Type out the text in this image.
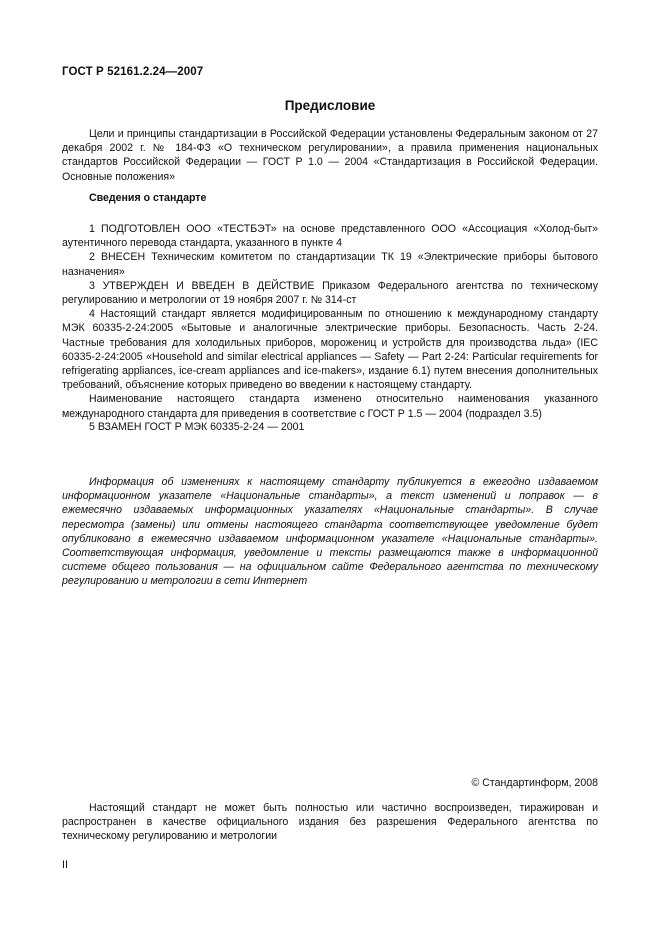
ГОСТ Р 52161.2.24—2007
Предисловие

Цели и принципы стандартизации в Российской Федерации установлены Федеральным законом от 27 декабря 2002 г. № 184-ФЗ «О техническом регулировании», а правила применения национальных стандартов Российской Федерации — ГОСТ Р 1.0 — 2004 «Стандартизация в Российской Федерации. Основные положения»

Сведения о стандарте

1 ПОДГОТОВЛЕН ООО «ТЕСТБЭТ» на основе представленного ООО «Ассоциация «Холод-быт» аутентичного перевода стандарта, указанного в пункте 4

2 ВНЕСЕН Техническим комитетом по стандартизации ТК 19 «Электрические приборы бытового назначения»

3 УТВЕРЖДЕН И ВВЕДЕН В ДЕЙСТВИЕ Приказом Федерального агентства по техническому регулированию и метрологии от 19 ноября 2007 г. № 314-ст

4 Настоящий стандарт является модифицированным по отношению к международному стандарту МЭК 60335-2-24:2005 «Бытовые и аналогичные электрические приборы. Безопасность. Часть 2-24. Частные требования для холодильных приборов, морожениц и устройств для производства льда» (IEC 60335-2-24:2005 «Household and similar electrical appliances — Safety — Part 2-24: Particular requirements for refrigerating appliances, ice-cream appliances and ice-makers», издание 6.1) путем внесения дополнительных требований, объяснение которых приведено во введении к настоящему стандарту.

Наименование настоящего стандарта изменено относительно наименования указанного международного стандарта для приведения в соответствие с ГОСТ Р 1.5 — 2004 (подраздел 3.5)

5 ВЗАМЕН ГОСТ Р МЭК 60335-2-24 — 2001

Информация об изменениях к настоящему стандарту публикуется в ежегодно издаваемом информационном указателе «Национальные стандарты», а текст изменений и поправок — в ежемесячно издаваемых информационных указателях «Национальные стандарты». В случае пересмотра (замены) или отмены настоящего стандарта соответствующее уведомление будет опубликовано в ежемесячно издаваемом информационном указателе «Национальные стандарты». Соответствующая информация, уведомление и тексты размещаются также в информационной системе общего пользования — на официальном сайте Федерального агентства по техническому регулированию и метрологии в сети Интернет

© Стандартинформ, 2008

Настоящий стандарт не может быть полностью или частично воспроизведен, тиражирован и распространен в качестве официального издания без разрешения Федерального агентства по техническому регулированию и метрологии

II
